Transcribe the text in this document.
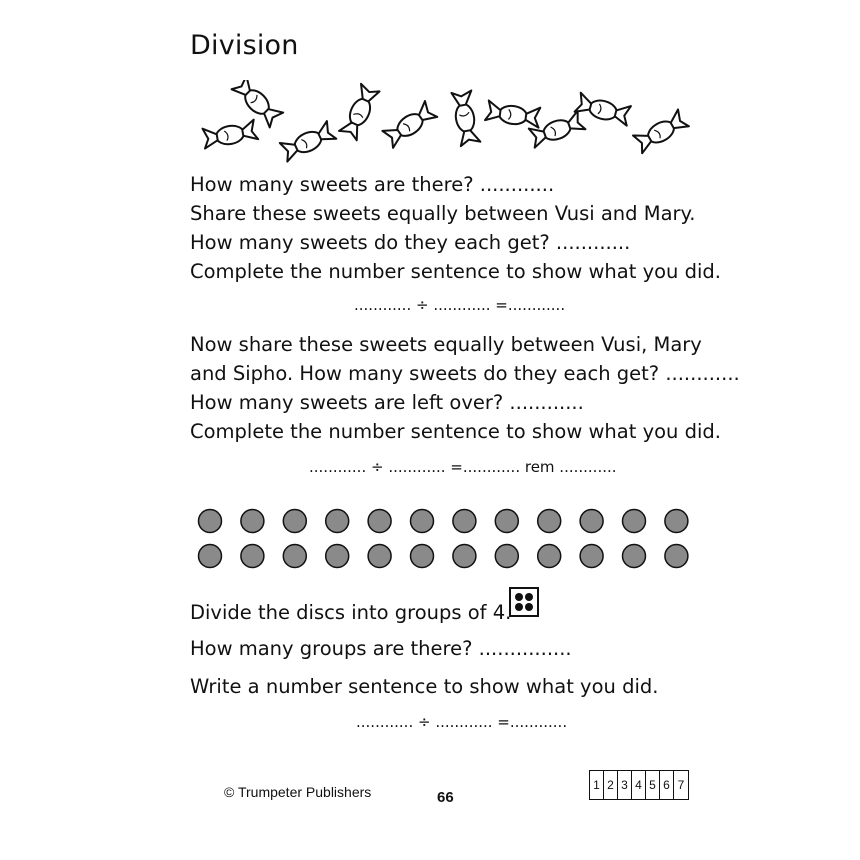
Division
How many sweets are there? ............
Share these sweets equally between Vusi and Mary.
How many sweets do they each get? ............
Complete the number sentence to show what you did.
............ ÷ ............ =............
Now share these sweets equally between Vusi, Mary
and Sipho. How many sweets do they each get? ............
How many sweets are left over? ............
Complete the number sentence to show what you did.
............ ÷ ............ =............ rem ............
Divide the discs into groups of 4.
How many groups are there? ...............
Write a number sentence to show what you did.
............ ÷ ............ =............
© Trumpeter Publishers	66
1 2 3 4 5 6 7
